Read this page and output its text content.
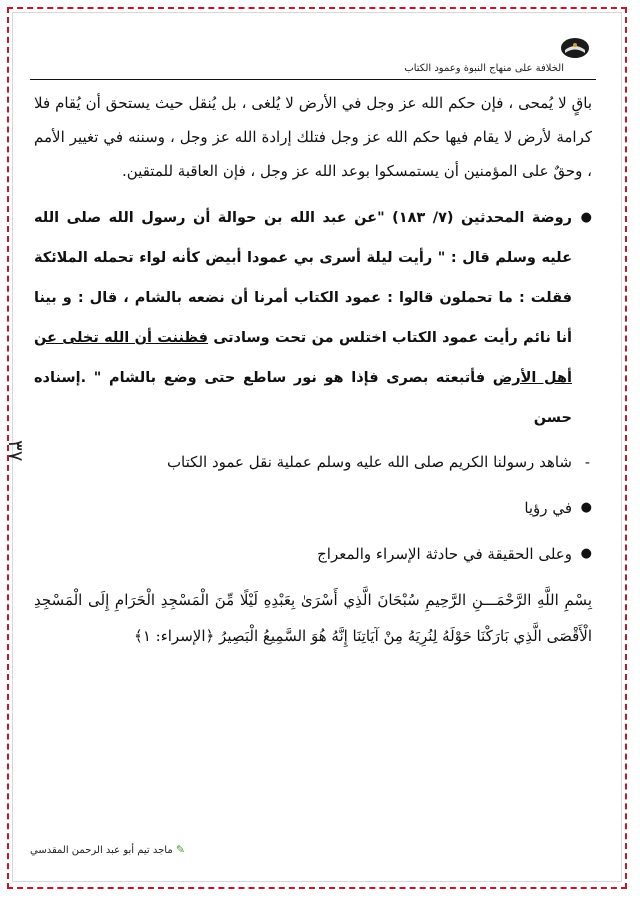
الخلافة على منهاج النبوة وعمود الكتاب
٣٧

باقٍ لا يُمحى ، فإن حكم الله عز وجل في الأرض لا يُلغى ، بل يُنقل حيث يستحق أن يُقام فلا كرامة لأرض لا يقام فيها حكم الله عز وجل فتلك إرادة الله عز وجل ، وسننه في تغيير الأمم ، وحقٌ على المؤمنين أن يستمسكوا بوعد الله عز وجل ، فإن العاقبة للمتقين.

●
روضة المحدثين (٧/ ١٨٣) "عن عبد الله بن حوالة أن رسول الله صلى الله عليه وسلم قال : " رأيت ليلة أسرى بي عمودا أبيض كأنه لواء تحمله الملائكة فقلت : ما تحملون قالوا : عمود الكتاب أمرنا أن نضعه بالشام ، قال : و بينا أنا نائم رأيت عمود الكتاب اختلس من تحت وسادتى فظننت أن الله تخلى عن أهل الأرض فأتبعته بصرى فإذا هو نور ساطع حتى وضع بالشام " .إسناده حسن
-
شاهد رسولنا الكريم صلى الله عليه وسلم عملية نقل عمود الكتاب
●
في رؤيا
●
وعلى الحقيقة في حادثة الإسراء والمعراج

بِسْمِ اللَّهِ الرَّحْمَـــنِ الرَّحِيمِ سُبْحَانَ الَّذِي أَسْرَىٰ بِعَبْدِهِ لَيْلًا مِّنَ الْمَسْجِدِ الْحَرَامِ إِلَى الْمَسْجِدِ الْأَقْصَى الَّذِي بَارَكْنَا حَوْلَهُ لِنُرِيَهُ مِنْ آيَاتِنَا إِنَّهُ هُوَ السَّمِيعُ الْبَصِيرُ ﴿الإسراء: ١﴾

✎ ماجد تيم أبو عبد الرحمن المقدسي
